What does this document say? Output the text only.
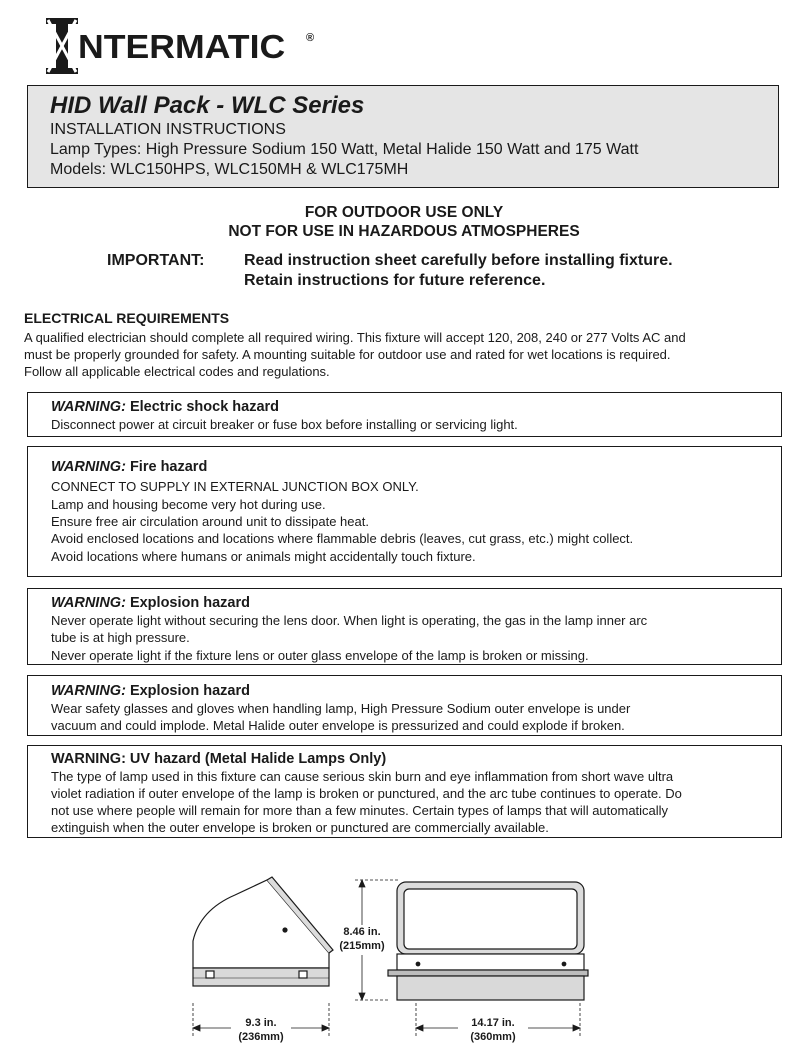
NTERMATIC ®
HID Wall Pack - WLC Series
INSTALLATION INSTRUCTIONS
Lamp Types: High Pressure Sodium 150 Watt, Metal Halide 150 Watt and 175 Watt
Models: WLC150HPS, WLC150MH & WLC175MH
FOR OUTDOOR USE ONLY
NOT FOR USE IN HAZARDOUS ATMOSPHERES
IMPORTANT: Read instruction sheet carefully before installing fixture.
Retain instructions for future reference.
ELECTRICAL REQUIREMENTS
A qualified electrician should complete all required wiring. This fixture will accept 120, 208, 240 or 277 Volts AC and
must be properly grounded for safety. A mounting suitable for outdoor use and rated for wet locations is required.
Follow all applicable electrical codes and regulations.
WARNING: Electric shock hazard
Disconnect power at circuit breaker or fuse box before installing or servicing light.
WARNING: Fire hazard
CONNECT TO SUPPLY IN EXTERNAL JUNCTION BOX ONLY.
Lamp and housing become very hot during use.
Ensure free air circulation around unit to dissipate heat.
Avoid enclosed locations and locations where flammable debris (leaves, cut grass, etc.) might collect.
Avoid locations where humans or animals might accidentally touch fixture.
WARNING: Explosion hazard
Never operate light without securing the lens door. When light is operating, the gas in the lamp inner arc
tube is at high pressure.
Never operate light if the fixture lens or outer glass envelope of the lamp is broken or missing.
WARNING: Explosion hazard
Wear safety glasses and gloves when handling lamp, High Pressure Sodium outer envelope is under
vacuum and could implode. Metal Halide outer envelope is pressurized and could explode if broken.
WARNING: UV hazard (Metal Halide Lamps Only)
The type of lamp used in this fixture can cause serious skin burn and eye inflammation from short wave ultra
violet radiation if outer envelope of the lamp is broken or punctured, and the arc tube continues to operate. Do
not use where people will remain for more than a few minutes. Certain types of lamps that will automatically
extinguish when the outer envelope is broken or punctured are commercially available.
8.46 in.
(215mm)
9.3 in.
(236mm)
14.17 in.
(360mm)
